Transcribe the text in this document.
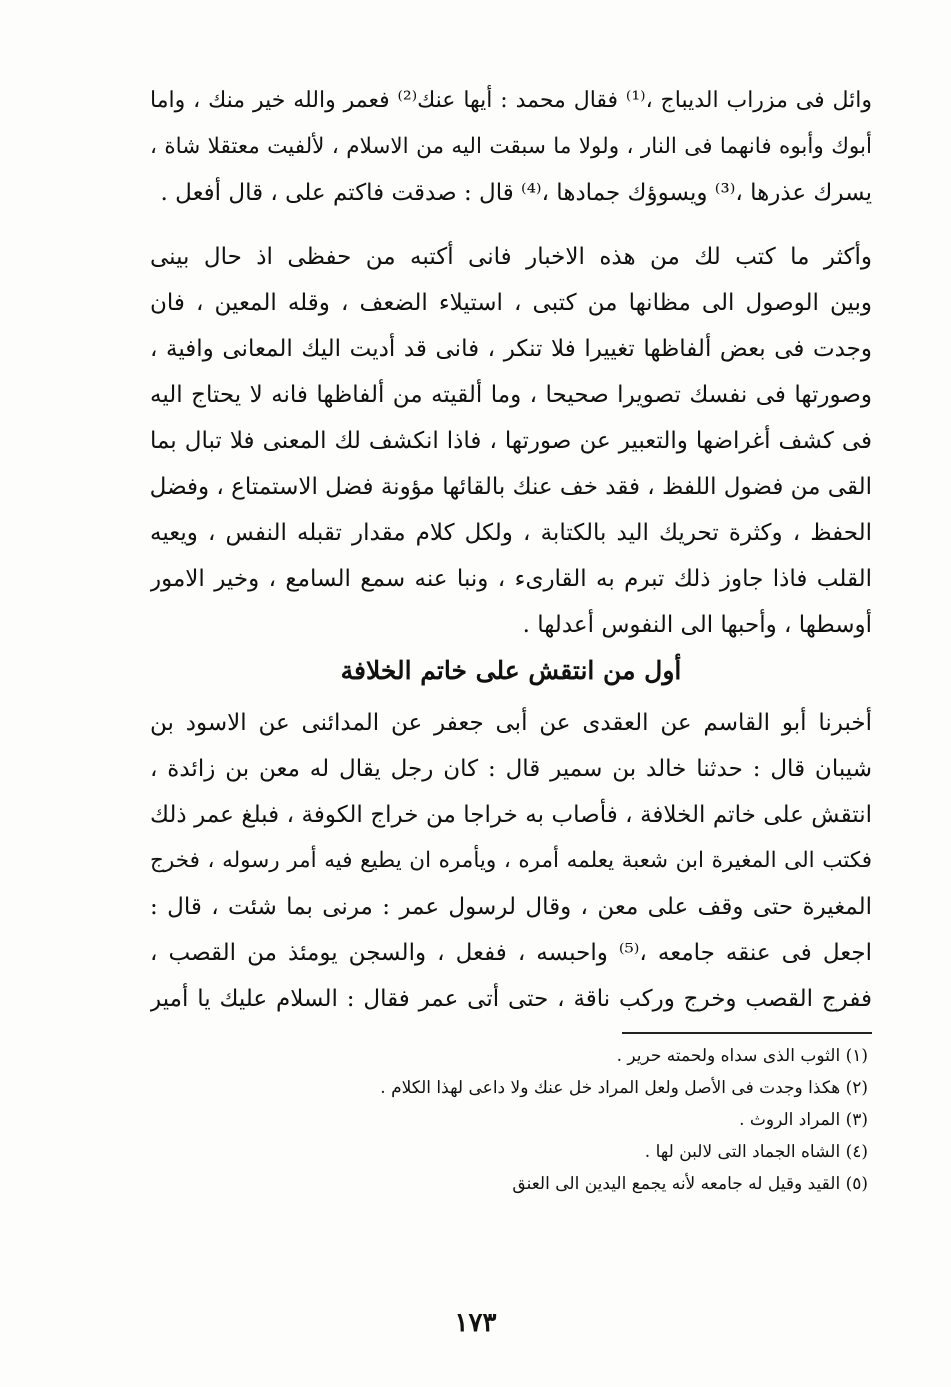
وائل فى مزراب الديباج ،⁽¹⁾ فقال محمد : أيها عنك⁽²⁾ فعمر والله خير منك ، واما
أبوك وأبوه فانهما فى النار ، ولولا ما سبقت اليه من الاسلام ، لألفيت معتقلا شاة ،
يسرك عذرها ،⁽³⁾ ويسوؤك جمادها ،⁽⁴⁾ قال : صدقت فاكتم على ، قال أفعل .
وأكثر ما كتب لك من هذه الاخبار فانى أكتبه من حفظى اذ حال بينى
وبين الوصول الى مظانها من كتبى ، استيلاء الضعف ، وقله المعين ، فان
وجدت فى بعض ألفاظها تغييرا فلا تنكر ، فانى قد أديت اليك المعانى وافية ،
وصورتها فى نفسك تصويرا صحيحا ، وما ألقيته من ألفاظها فانه لا يحتاج اليه
فى كشف أغراضها والتعبير عن صورتها ، فاذا انكشف لك المعنى فلا تبال بما
القى من فضول اللفظ ، فقد خف عنك بالقائها مؤونة فضل الاستمتاع ، وفضل
الحفظ ، وكثرة تحريك اليد بالكتابة ، ولكل كلام مقدار تقبله النفس ، ويعيه
القلب فاذا جاوز ذلك تبرم به القارىء ، ونبا عنه سمع السامع ، وخير الامور
أوسطها ، وأحبها الى النفوس أعدلها .
أول من انتقش على خاتم الخلافة
أخبرنا أبو القاسم عن العقدى عن أبى جعفر عن المدائنى عن الاسود بن
شيبان قال : حدثنا خالد بن سمير قال : كان رجل يقال له معن بن زائدة ،
انتقش على خاتم الخلافة ، فأصاب به خراجا من خراج الكوفة ، فبلغ عمر ذلك
فكتب الى المغيرة ابن شعبة يعلمه أمره ، ويأمره ان يطيع فيه أمر رسوله ، فخرج
المغيرة حتى وقف على معن ، وقال لرسول عمر : مرنى بما شئت ، قال :
اجعل فى عنقه جامعه ،⁽⁵⁾ واحبسه ، ففعل ، والسجن يومئذ من القصب ،
ففرج القصب وخرج وركب ناقة ، حتى أتى عمر فقال : السلام عليك يا أمير
(١) الثوب الذى سداه ولحمته حرير .
(٢) هكذا وجدت فى الأصل ولعل المراد خل عنك ولا داعى لهذا الكلام .
(٣) المراد الروث .
(٤) الشاه الجماد التى لالبن لها .
(٥) القيد وقيل له جامعه لأنه يجمع اليدين الى العنق
١٧٣
